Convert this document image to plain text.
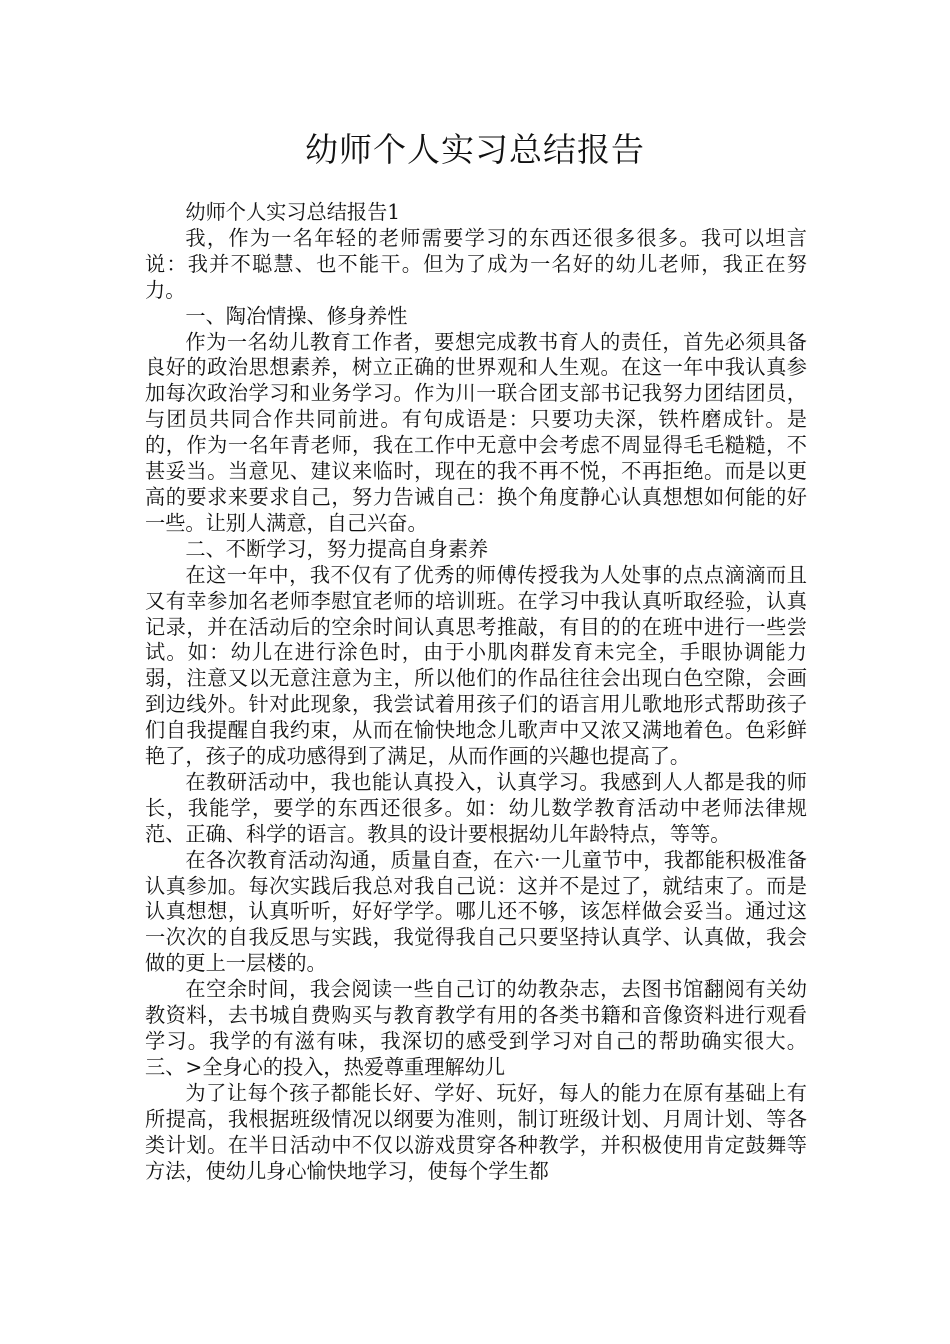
幼师个人实习总结报告

幼师个人实习总结报告1

我，作为一名年轻的老师需要学习的东西还很多很多。我可以坦言说：我并不聪慧、也不能干。但为了成为一名好的幼儿老师，我正在努力。

一、陶冶情操、修身养性

作为一名幼儿教育工作者，要想完成教书育人的责任，首先必须具备良好的政治思想素养，树立正确的世界观和人生观。在这一年中我认真参加每次政治学习和业务学习。作为川一联合团支部书记我努力团结团员，与团员共同合作共同前进。有句成语是：只要功夫深，铁杵磨成针。是的，作为一名年青老师，我在工作中无意中会考虑不周显得毛毛糙糙，不甚妥当。当意见、建议来临时，现在的我不再不悦，不再拒绝。而是以更高的要求来要求自己，努力告诫自己：换个角度静心认真想想如何能的好一些。让别人满意，自己兴奋。

二、不断学习，努力提高自身素养

在这一年中，我不仅有了优秀的师傅传授我为人处事的点点滴滴而且又有幸参加名老师李慰宜老师的培训班。在学习中我认真听取经验，认真记录，并在活动后的空余时间认真思考推敲，有目的的在班中进行一些尝试。如：幼儿在进行涂色时，由于小肌肉群发育未完全，手眼协调能力弱，注意又以无意注意为主，所以他们的作品往往会出现白色空隙，会画到边线外。针对此现象，我尝试着用孩子们的语言用儿歌地形式帮助孩子们自我提醒自我约束，从而在愉快地念儿歌声中又浓又满地着色。色彩鲜艳了，孩子的成功感得到了满足，从而作画的兴趣也提高了。

在教研活动中，我也能认真投入，认真学习。我感到人人都是我的师长，我能学，要学的东西还很多。如：幼儿数学教育活动中老师法律规范、正确、科学的语言。教具的设计要根据幼儿年龄特点，等等。

在各次教育活动沟通，质量自查，在六·一儿童节中，我都能积极准备认真参加。每次实践后我总对我自己说：这并不是过了，就结束了。而是认真想想，认真听听，好好学学。哪儿还不够，该怎样做会妥当。通过这一次次的自我反思与实践，我觉得我自己只要坚持认真学、认真做，我会做的更上一层楼的。

在空余时间，我会阅读一些自己订的幼教杂志，去图书馆翻阅有关幼教资料，去书城自费购买与教育教学有用的各类书籍和音像资料进行观看学习。我学的有滋有味，我深切的感受到学习对自己的帮助确实很大。三、>全身心的投入，热爱尊重理解幼儿

为了让每个孩子都能长好、学好、玩好，每人的能力在原有基础上有所提高，我根据班级情况以纲要为准则，制订班级计划、月周计划、等各类计划。在半日活动中不仅以游戏贯穿各种教学，并积极使用肯定鼓舞等方法，使幼儿身心愉快地学习，使每个学生都
